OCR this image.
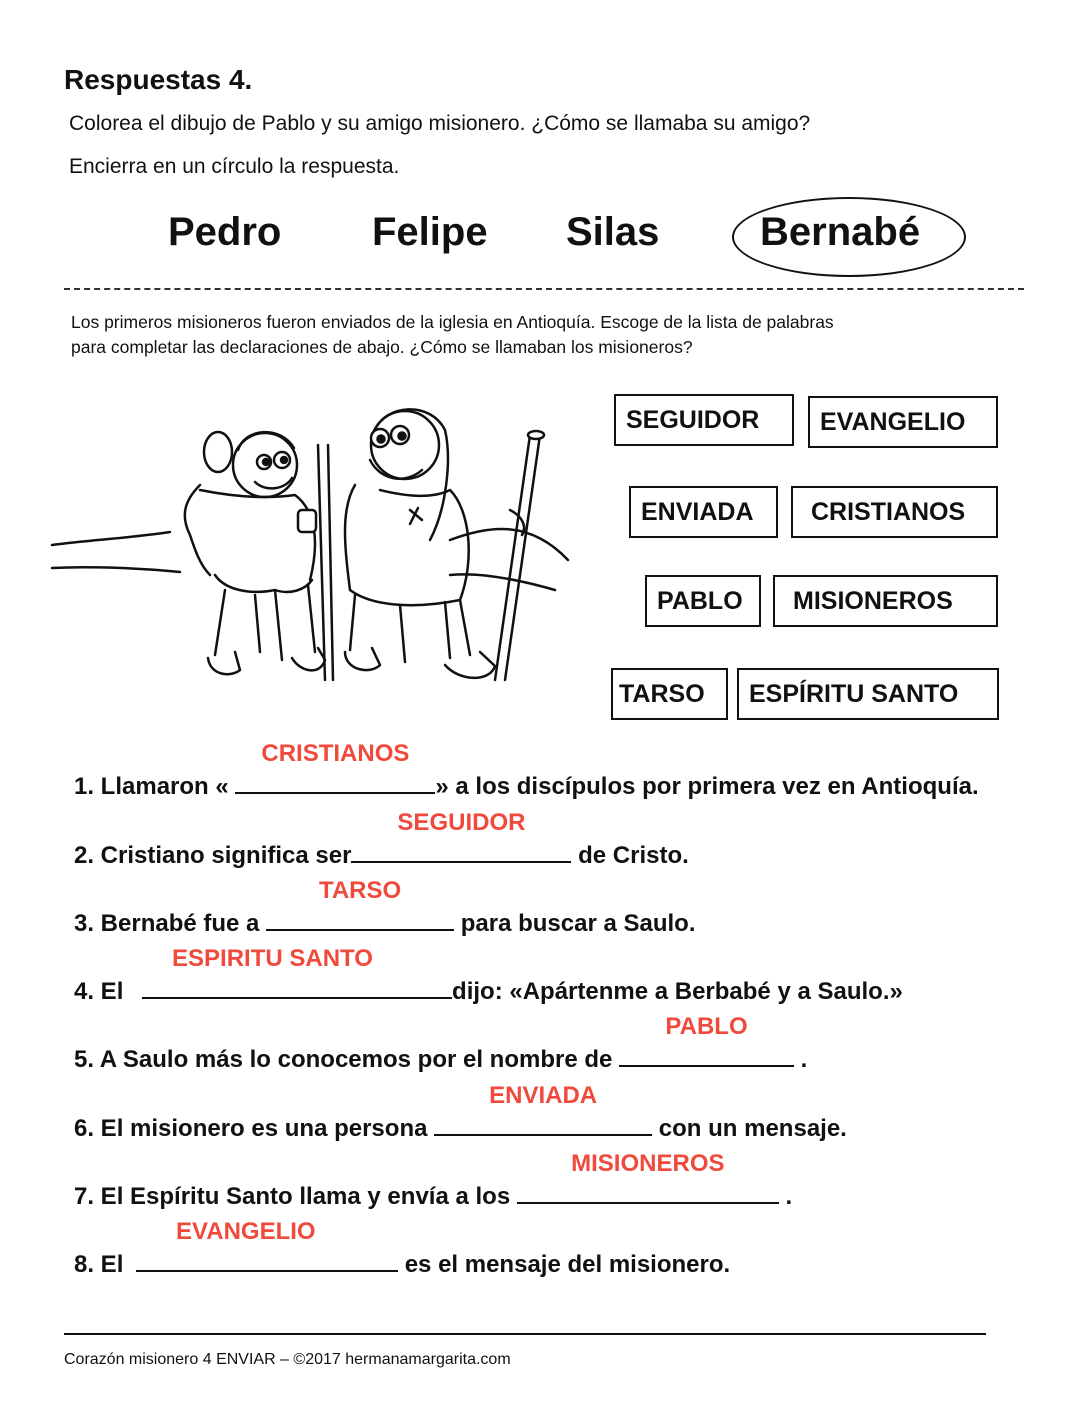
Respuestas 4.
Colorea el dibujo de Pablo y su amigo misionero. ¿Cómo se llamaba su amigo?
Encierra en un círculo la respuesta.
Pedro Felipe Silas	Bernabé
Los primeros misioneros fueron enviados de la iglesia en Antioquía. Escoge de la lista de palabras
para completar las declaraciones de abajo. ¿Cómo se llamaban los misioneros?
SEGUIDOR EVANGELIO
ENVIADA CRISTIANOS
PABLO MISIONEROS
TARSO ESPÍRITU SANTO
1. Llamaron «
CRISTIANOS
» a los discípulos por primera vez en Antioquía.
2. Cristiano significa ser
SEGUIDOR
de Cristo.
3. Bernabé fue a
TARSO
para buscar a Saulo.
4. El
ESPIRITU SANTO
dijo: «Apártenme a Berbabé y a Saulo.»
5. A Saulo más lo conocemos por el nombre de
PABLO
.
6. El misionero es una persona
ENVIADA
con un mensaje.
7. El Espíritu Santo llama y envía a los
MISIONEROS
.
8. El
EVANGELIO
es el mensaje del misionero.
Corazón misionero 4 ENVIAR – ©2017 hermanamargarita.com
